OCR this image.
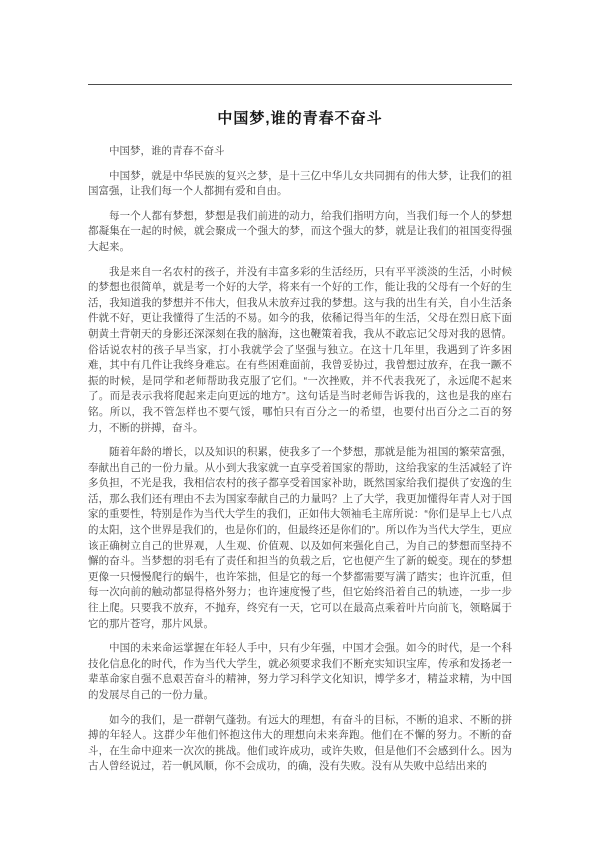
中国梦,谁的青春不奋斗

中国梦，谁的青春不奋斗

中国梦，就是中华民族的复兴之梦，是十三亿中华儿女共同拥有的伟大梦，让我们的祖国富强，让我们每一个人都拥有爱和自由。

每一个人都有梦想，梦想是我们前进的动力，给我们指明方向，当我们每一个人的梦想都凝集在一起的时候，就会聚成一个强大的梦，而这个强大的梦，就是让我们的祖国变得强大起来。

我是来自一名农村的孩子，并没有丰富多彩的生活经历，只有平平淡淡的生活，小时候的梦想也很简单，就是考一个好的大学，将来有一个好的工作，能让我的父母有一个好的生活，我知道我的梦想并不伟大，但我从未放弃过我的梦想。这与我的出生有关，自小生活条件就不好，更让我懂得了生活的不易。如今的我，依稀记得当年的生活，父母在烈日底下面朝黄土背朝天的身影还深深刻在我的脑海，这也鞭策着我，我从不敢忘记父母对我的恩情。俗话说农村的孩子早当家，打小我就学会了坚强与独立。在这十几年里，我遇到了许多困难，其中有几件让我终身难忘。在有些困难面前，我曾妥协过，我曾想过放弃，在我一蹶不振的时候，是同学和老师帮助我克服了它们。“一次挫败，并不代表我死了，永远爬不起来了。而是表示我将爬起来走向更远的地方”。这句话是当时老师告诉我的，这也是我的座右铭。所以，我不管怎样也不要气馁，哪怕只有百分之一的希望，也要付出百分之二百的努力，不断的拼搏，奋斗。

随着年龄的增长，以及知识的积累，使我多了一个梦想，那就是能为祖国的繁荣富强，奉献出自己的一份力量。从小到大我家就一直享受着国家的帮助，这给我家的生活减轻了许多负担，不光是我，我相信农村的孩子都享受着国家补助，既然国家给我们提供了安逸的生活，那么我们还有理由不去为国家奉献自己的力量吗？上了大学，我更加懂得年青人对于国家的重要性，特别是作为当代大学生的我们，正如伟大领袖毛主席所说：“你们是早上七八点的太阳，这个世界是我们的，也是你们的，但最终还是你们的”。所以作为当代大学生，更应该正确树立自己的世界观，人生观、价值观、以及如何来强化自己，为自己的梦想而坚持不懈的奋斗。当梦想的羽毛有了责任和担当的负载之后，它也便产生了新的蜕变。现在的梦想更像一只慢慢爬行的蜗牛，也许笨拙，但是它的每一个梦都需要写满了踏实；也许沉重，但每一次向前的触动都显得格外努力；也许速度慢了些，但它始终沿着自己的轨迹，一步一步往上爬。只要我不放弃，不抛弃，终究有一天，它可以在最高点乘着叶片向前飞，领略属于它的那片苍穹，那片风景。

中国的未来命运掌握在年轻人手中，只有少年强，中国才会强。如今的时代，是一个科技化信息化的时代，作为当代大学生，就必须要求我们不断充实知识宝库，传承和发扬老一辈革命家自强不息艰苦奋斗的精神，努力学习科学文化知识，博学多才，精益求精，为中国的发展尽自己的一份力量。

如今的我们，是一群朝气蓬勃。有远大的理想，有奋斗的目标，不断的追求、不断的拼搏的年轻人。这群少年他们怀抱这伟大的理想向未来奔跑。他们在不懈的努力。不断的奋斗，在生命中迎来一次次的挑战。他们或许成功，或许失败，但是他们不会感到什么。因为古人曾经说过，若一帆风顺，你不会成功，的确，没有失败。没有从失败中总结出来的
